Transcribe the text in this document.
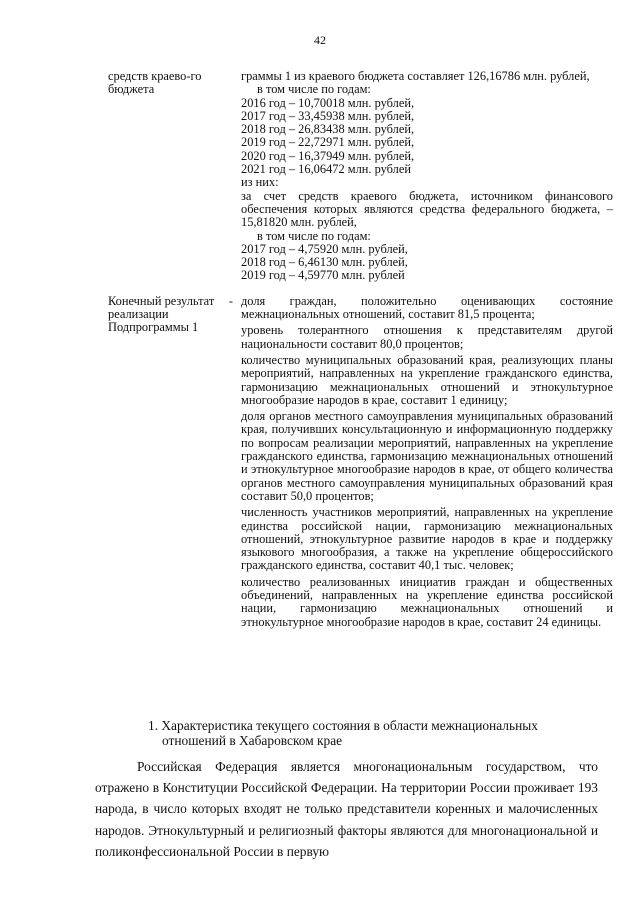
42
средств краево-го бюджета

граммы 1 из краевого бюджета составляет 126,16786 млн. рублей,

в том числе по годам:

2016 год – 10,70018 млн. рублей,

2017 год – 33,45938 млн. рублей,

2018 год – 26,83438 млн. рублей,

2019 год – 22,72971 млн. рублей,

2020 год – 16,37949 млн. рублей,

2021 год – 16,06472 млн. рублей

из них:

за счет средств краевого бюджета, источником финансового обеспечения которых являются средства федерального бюджета, – 15,81820 млн. рублей,

в том числе по годам:

2017 год – 4,75920 млн. рублей,

2018 год – 6,46130 млн. рублей,

2019 год – 4,59770 млн. рублей

Конечный результат реализации Подпрограммы 1
- доля граждан, положительно оценивающих состояние межнациональных отношений, составит 81,5 процента;

уровень толерантного отношения к представителям другой национальности составит 80,0 процентов;

количество муниципальных образований края, реализующих планы мероприятий, направленных на укрепление гражданского единства, гармонизацию межнациональных отношений и этнокультурное многообразие народов в крае, составит 1 единицу;

доля органов местного самоуправления муниципальных образований края, получивших консультационную и информационную поддержку по вопросам реализации мероприятий, направленных на укрепление гражданского единства, гармонизацию межнациональных отношений и этнокультурное многообразие народов в крае, от общего количества органов местного самоуправления муниципальных образований края составит 50,0 процентов;

численность участников мероприятий, направленных на укрепление единства российской нации, гармонизацию межнациональных отношений, этнокультурное развитие народов в крае и поддержку языкового многообразия, а также на укрепление общероссийского гражданского единства, составит 40,1 тыс. человек;

количество реализованных инициатив граждан и общественных объединений, направленных на укрепление единства российской нации, гармонизацию межнациональных отношений и этнокультурное многообразие народов в крае, составит 24 единицы.

1. Характеристика текущего состояния в области межнациональных
отношений в Хабаровском крае

Российская Федерация является многонациональным государством, что отражено в Конституции Российской Федерации. На территории России проживает 193 народа, в число которых входят не только представители коренных и малочисленных народов. Этнокультурный и религиозный факторы являются для многонациональной и поликонфессиональной России в первую
